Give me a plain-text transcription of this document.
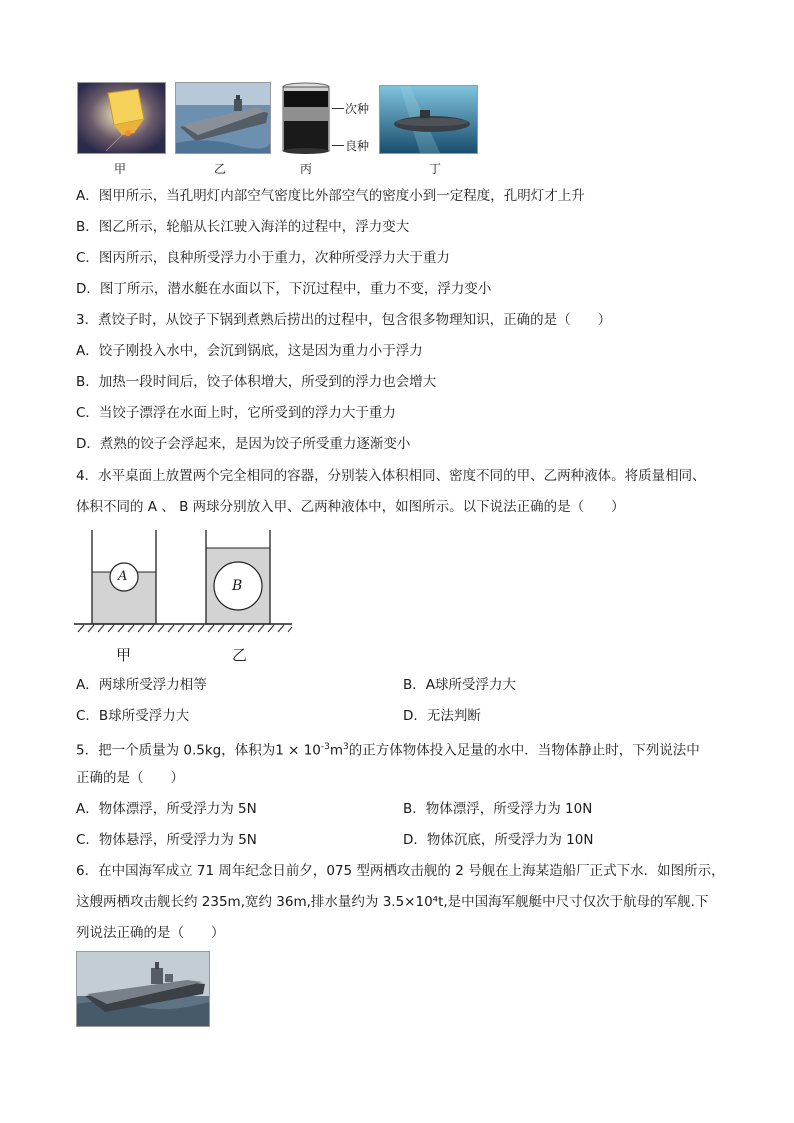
甲	乙
次种
良种
丙	丁
A．图甲所示，当孔明灯内部空气密度比外部空气的密度小到一定程度，孔明灯才上升
B．图乙所示，轮船从长江驶入海洋的过程中，浮力变大
C．图丙所示，良种所受浮力小于重力，次种所受浮力大于重力
D．图丁所示，潜水艇在水面以下，下沉过程中，重力不变，浮力变小
3．煮饺子时，从饺子下锅到煮熟后捞出的过程中，包含很多物理知识，正确的是（　　）
A．饺子刚投入水中，会沉到锅底，这是因为重力小于浮力
B．加热一段时间后，饺子体积增大，所受到的浮力也会增大
C．当饺子漂浮在水面上时，它所受到的浮力大于重力
D．煮熟的饺子会浮起来，是因为饺子所受重力逐渐变小
4．水平桌面上放置两个完全相同的容器，分别装入体积相同、密度不同的甲、乙两种液体。将质量相同、
体积不同的 A 、 B 两球分别放入甲、乙两种液体中，如图所示。以下说法正确的是（　　）
A
B
甲	乙
A．两球所受浮力相等	B．A球所受浮力大
C．B球所受浮力大	D．无法判断
5．把一个质量为 0.5kg，体积为$1 \times 10^{-3}m^3$的正方体物体投入足量的水中．当物体静止时，下列说法中
正确的是（　　）
A．物体漂浮，所受浮力为 5N	B．物体漂浮，所受浮力为 10N
C．物体悬浮，所受浮力为 5N	D．物体沉底，所受浮力为 10N
6．在中国海军成立 71 周年纪念日前夕，075 型两栖攻击舰的 2 号舰在上海某造船厂正式下水．如图所示，
这艘两栖攻击舰长约 235m,宽约 36m,排水量约为 3.5×10⁴t,是中国海军舰艇中尺寸仅次于航母的军舰.下
列说法正确的是（　　）
